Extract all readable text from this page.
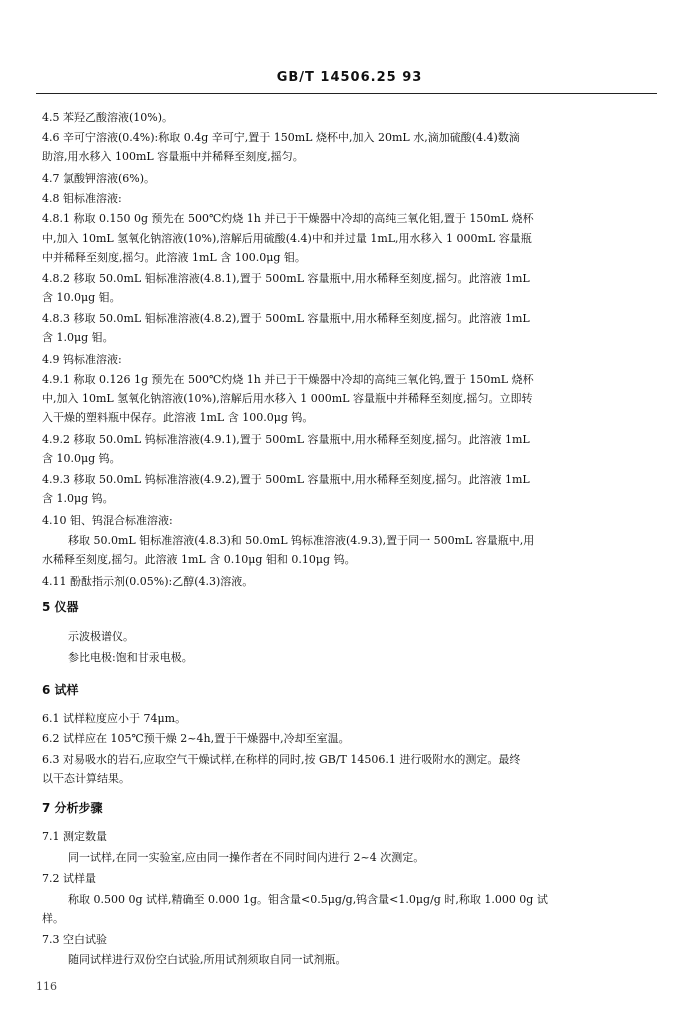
GB/T 14506.25 93
4.5 苯羟乙酸溶液(10%)。
4.6 辛可宁溶液(0.4%):称取 0.4g 辛可宁,置于 150mL 烧杯中,加入 20mL 水,滴加硫酸(4.4)数滴
助溶,用水移入 100mL 容量瓶中并稀释至刻度,摇匀。
4.7 氯酸钾溶液(6%)。
4.8 钼标准溶液:
4.8.1 称取 0.150 0g 预先在 500℃灼烧 1h 并已于干燥器中冷却的高纯三氧化钼,置于 150mL 烧杯
中,加入 10mL 氢氧化钠溶液(10%),溶解后用硫酸(4.4)中和并过量 1mL,用水移入 1 000mL 容量瓶
中并稀释至刻度,摇匀。此溶液 1mL 含 100.0μg 钼。
4.8.2 移取 50.0mL 钼标准溶液(4.8.1),置于 500mL 容量瓶中,用水稀释至刻度,摇匀。此溶液 1mL
含 10.0μg 钼。
4.8.3 移取 50.0mL 钼标准溶液(4.8.2),置于 500mL 容量瓶中,用水稀释至刻度,摇匀。此溶液 1mL
含 1.0μg 钼。
4.9 钨标准溶液:
4.9.1 称取 0.126 1g 预先在 500℃灼烧 1h 并已于干燥器中冷却的高纯三氧化钨,置于 150mL 烧杯
中,加入 10mL 氢氧化钠溶液(10%),溶解后用水移入 1 000mL 容量瓶中并稀释至刻度,摇匀。立即转
入干燥的塑料瓶中保存。此溶液 1mL 含 100.0μg 钨。
4.9.2 移取 50.0mL 钨标准溶液(4.9.1),置于 500mL 容量瓶中,用水稀释至刻度,摇匀。此溶液 1mL
含 10.0μg 钨。
4.9.3 移取 50.0mL 钨标准溶液(4.9.2),置于 500mL 容量瓶中,用水稀释至刻度,摇匀。此溶液 1mL
含 1.0μg 钨。
4.10 钼、钨混合标准溶液:
移取 50.0mL 钼标准溶液(4.8.3)和 50.0mL 钨标准溶液(4.9.3),置于同一 500mL 容量瓶中,用
水稀释至刻度,摇匀。此溶液 1mL 含 0.10μg 钼和 0.10μg 钨。
4.11 酚酞指示剂(0.05%):乙醇(4.3)溶液。
5 仪器
示波极谱仪。
参比电极:饱和甘汞电极。
6 试样
6.1 试样粒度应小于 74μm。
6.2 试样应在 105℃预干燥 2~4h,置于干燥器中,冷却至室温。
6.3 对易吸水的岩石,应取空气干燥试样,在称样的同时,按 GB/T 14506.1 进行吸附水的测定。最终
以干态计算结果。
7 分析步骤
7.1 测定数量
同一试样,在同一实验室,应由同一操作者在不同时间内进行 2~4 次测定。
7.2 试样量
称取 0.500 0g 试样,精确至 0.000 1g。钼含量<0.5μg/g,钨含量<1.0μg/g 时,称取 1.000 0g 试
样。
7.3 空白试验
随同试样进行双份空白试验,所用试剂须取自同一试剂瓶。
116
